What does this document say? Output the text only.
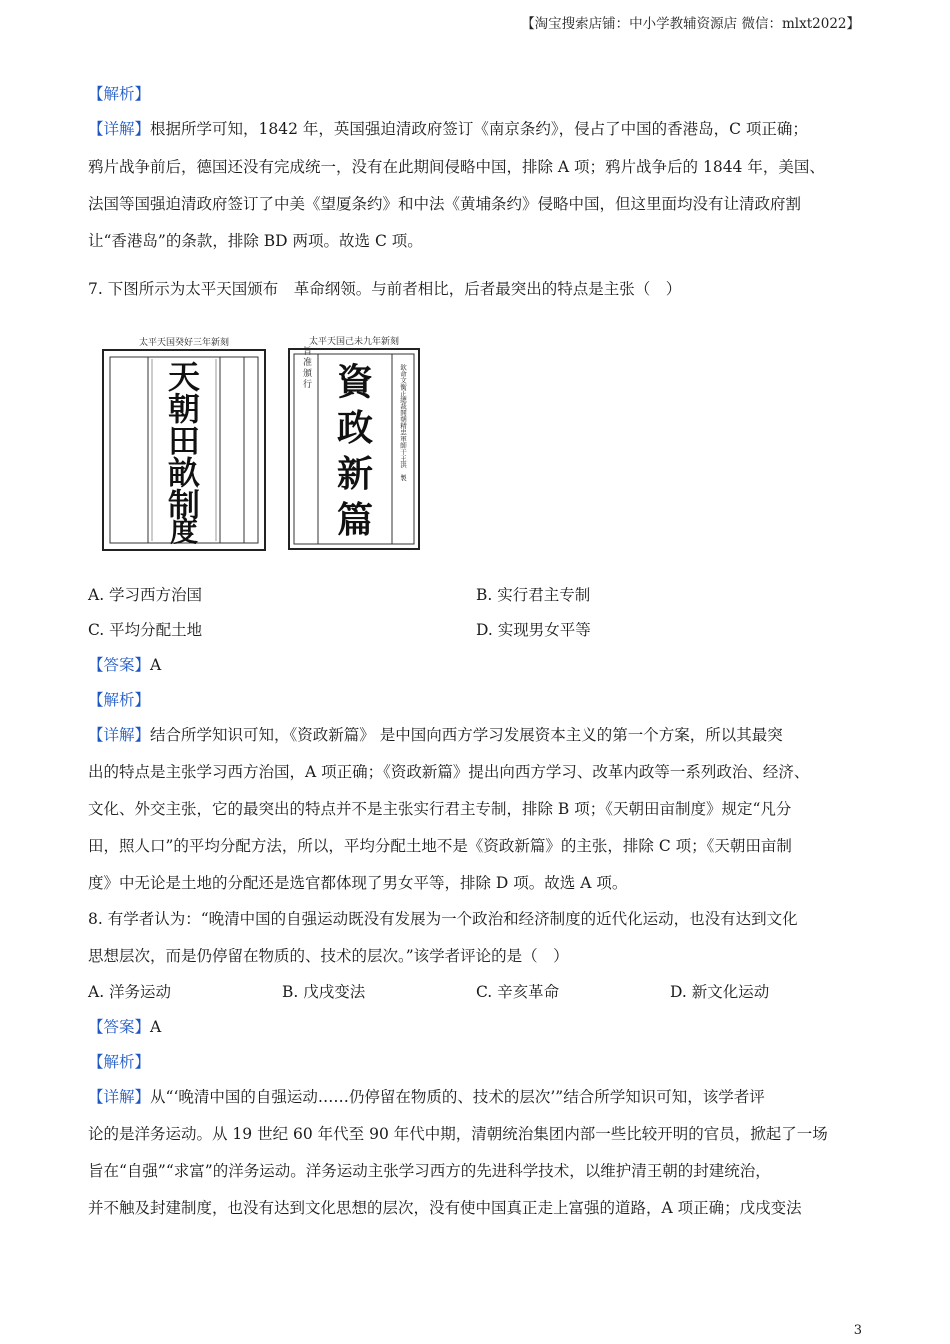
【淘宝搜索店铺：中小学教辅资源店 微信：mlxt2022】
【解析】
【详解】根据所学可知，1842 年，英国强迫清政府签订《南京条约》，侵占了中国的香港岛，C 项正确；
鸦片战争前后，德国还没有完成统一，没有在此期间侵略中国，排除 A 项；鸦片战争后的 1844 年，美国、
法国等国强迫清政府签订了中美《望厦条约》和中法《黄埔条约》侵略中国，但这里面均没有让清政府割
让“香港岛”的条款，排除 BD 两项。故选 C 项。
7. 下图所示为太平天国颁布　革命纲领。与前者相比，后者最突出的特点是主张（　）
太平天国癸好三年新刻
天
朝
田
畝
制
度
太平天国己未九年新刻
旨准頒行	欽命文衡正總裁開朝精忠軍師干王洪　製
資
政
新
篇
A. 学习西方治国	B. 实行君主专制
C. 平均分配土地	D. 实现男女平等
【答案】A
【解析】
【详解】结合所学知识可知，《资政新篇》 是中国向西方学习发展资本主义的第一个方案，所以其最突
出的特点是主张学习西方治国，A 项正确；《资政新篇》提出向西方学习、改革内政等一系列政治、经济、
文化、外交主张，它的最突出的特点并不是主张实行君主专制，排除 B 项；《天朝田亩制度》规定“凡分
田，照人口”的平均分配方法，所以，平均分配土地不是《资政新篇》的主张，排除 C 项；《天朝田亩制
度》中无论是土地的分配还是选官都体现了男女平等，排除 D 项。故选 A 项。
8. 有学者认为：“晚清中国的自强运动既没有发展为一个政治和经济制度的近代化运动，也没有达到文化
思想层次，而是仍停留在物质的、技术的层次。”该学者评论的是（　）
A. 洋务运动	B. 戊戌变法	C. 辛亥革命	D. 新文化运动
【答案】A
【解析】
【详解】从“‘晚清中国的自强运动……仍停留在物质的、技术的层次’”结合所学知识可知，该学者评
论的是洋务运动。从 19 世纪 60 年代至 90 年代中期，清朝统治集团内部一些比较开明的官员，掀起了一场
旨在“自强”“求富”的洋务运动。洋务运动主张学习西方的先进科学技术，以维护清王朝的封建统治，
并不触及封建制度，也没有达到文化思想的层次，没有使中国真正走上富强的道路，A 项正确；戊戌变法
3
